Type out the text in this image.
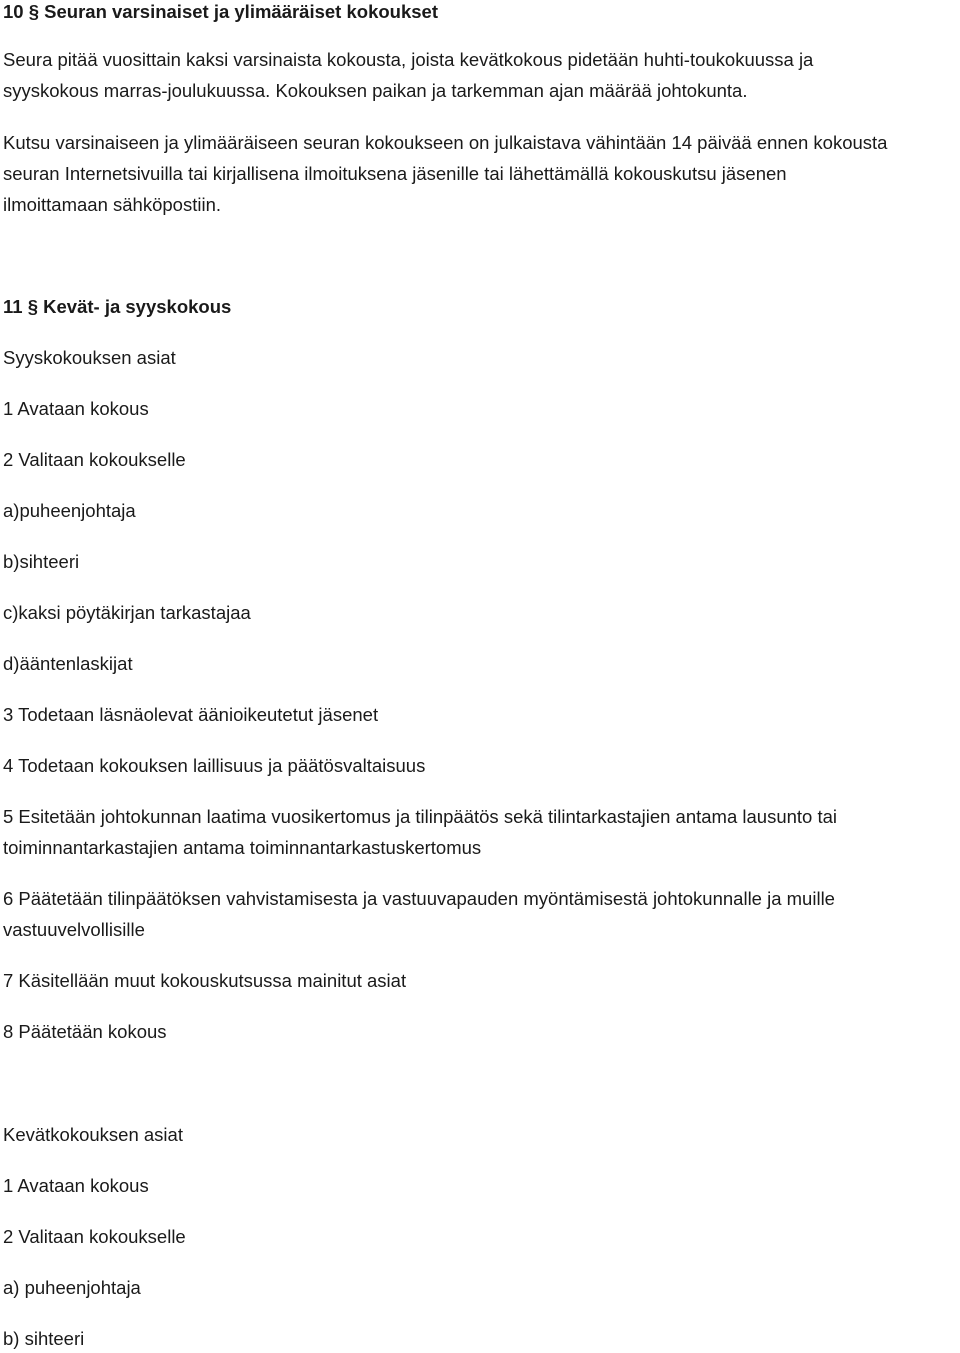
10 § Seuran varsinaiset ja ylimääräiset kokoukset
Seura pitää vuosittain kaksi varsinaista kokousta, joista kevätkokous pidetään huhti-toukokuussa ja
syyskokous marras-joulukuussa. Kokouksen paikan ja tarkemman ajan määrää johtokunta.
Kutsu varsinaiseen ja ylimääräiseen seuran kokoukseen on julkaistava vähintään 14 päivää ennen kokousta
seuran Internetsivuilla tai kirjallisena ilmoituksena jäsenille tai lähettämällä kokouskutsu jäsenen
ilmoittamaan sähköpostiin.
11 § Kevät- ja syyskokous
Syyskokouksen asiat
1 Avataan kokous
2 Valitaan kokoukselle
a)puheenjohtaja
b)sihteeri
c)kaksi pöytäkirjan tarkastajaa
d)ääntenlaskijat
3 Todetaan läsnäolevat äänioikeutetut jäsenet
4 Todetaan kokouksen laillisuus ja päätösvaltaisuus
5 Esitetään johtokunnan laatima vuosikertomus ja tilinpäätös sekä tilintarkastajien antama lausunto tai
toiminnantarkastajien antama toiminnantarkastuskertomus
6 Päätetään tilinpäätöksen vahvistamisesta ja vastuuvapauden myöntämisestä johtokunnalle ja muille
vastuuvelvollisille
7 Käsitellään muut kokouskutsussa mainitut asiat
8 Päätetään kokous
Kevätkokouksen asiat
1 Avataan kokous
2 Valitaan kokoukselle
a) puheenjohtaja
b) sihteeri
